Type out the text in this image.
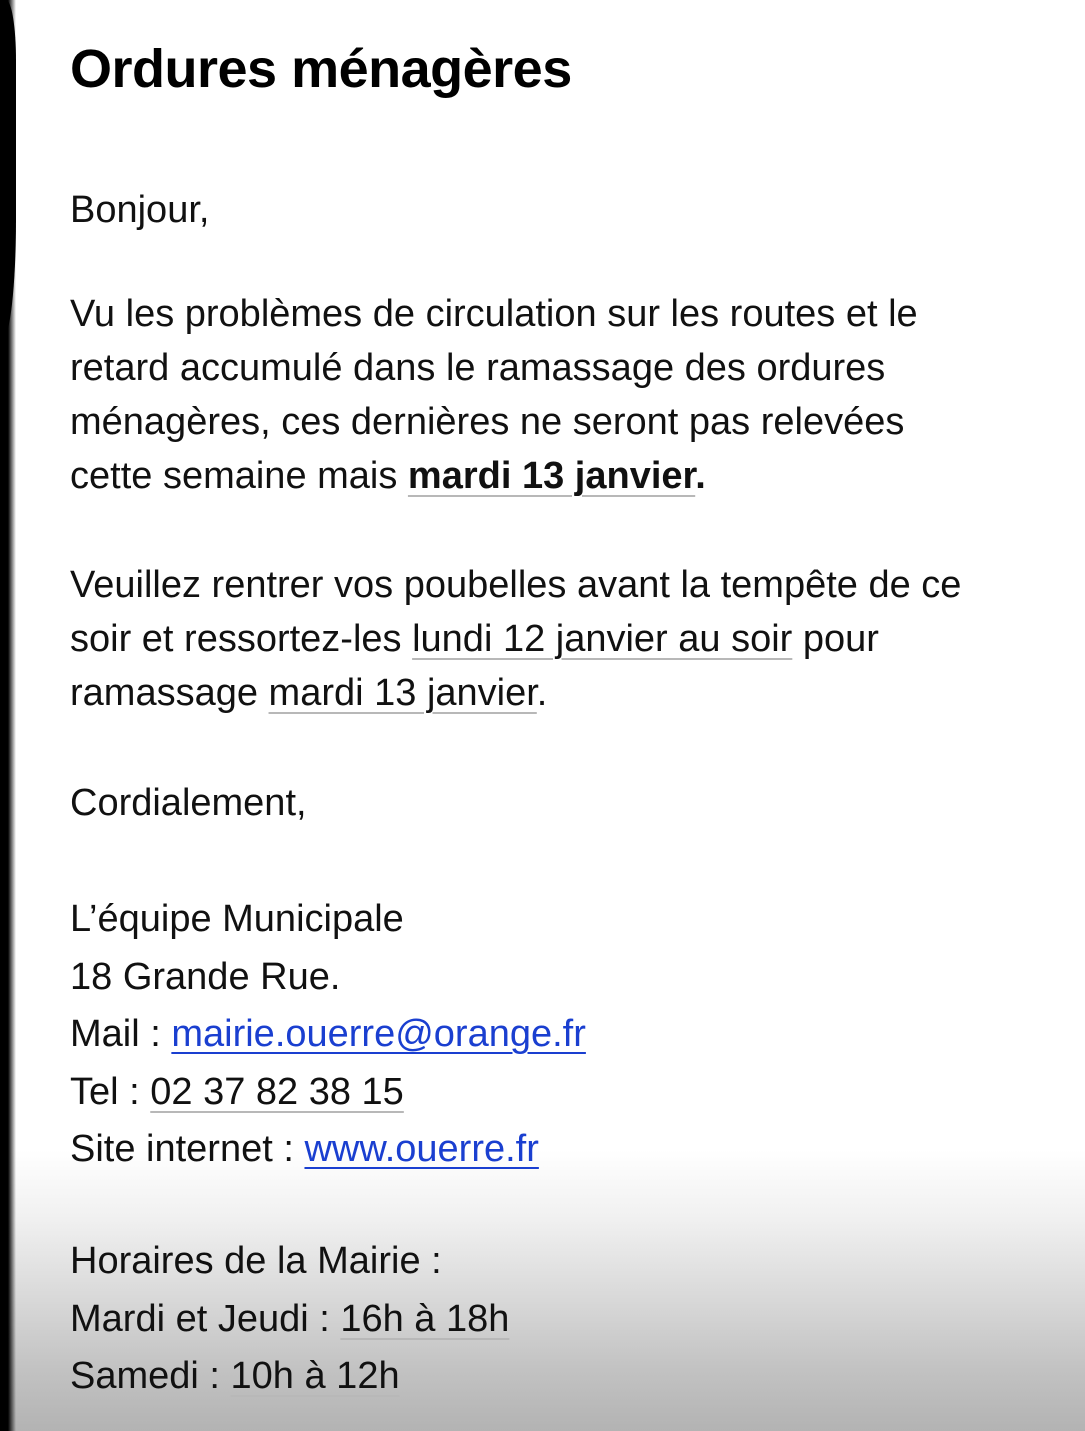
Ordures ménagères

Bonjour,

Vu les problèmes de circulation sur les routes et le
retard accumulé dans le ramassage des ordures
ménagères, ces dernières ne seront pas relevées
cette semaine mais mardi 13 janvier.
Veuillez rentrer vos poubelles avant la tempête de ce
soir et ressortez-les lundi 12 janvier au soir pour
ramassage mardi 13 janvier.

Cordialement,

L’équipe Municipale
18 Grande Rue.
Mail : mairie.ouerre@orange.fr
Tel : 02 37 82 38 15
Site internet : www.ouerre.fr
Horaires de la Mairie :
Mardi et Jeudi : 16h à 18h
Samedi : 10h à 12h
